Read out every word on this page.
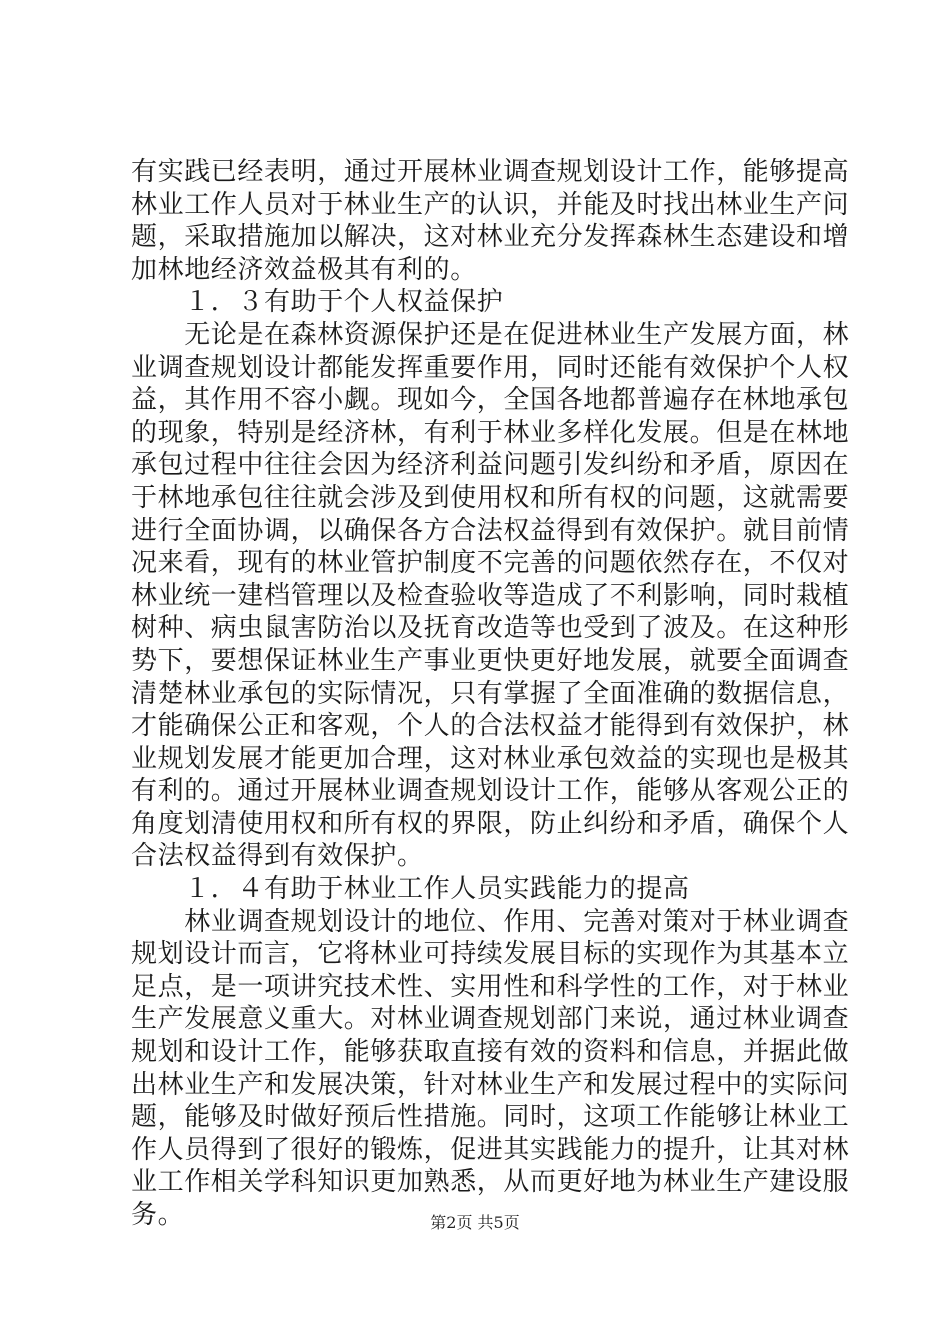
有实践已经表明，通过开展林业调查规划设计工作，能够提高
林业工作人员对于林业生产的认识，并能及时找出林业生产问
题，采取措施加以解决，这对林业充分发挥森林生态建设和增
加林地经济效益极其有利的。
　　１．３有助于个人权益保护
　　无论是在森林资源保护还是在促进林业生产发展方面，林
业调查规划设计都能发挥重要作用，同时还能有效保护个人权
益，其作用不容小觑。现如今，全国各地都普遍存在林地承包
的现象，特别是经济林，有利于林业多样化发展。但是在林地
承包过程中往往会因为经济利益问题引发纠纷和矛盾，原因在
于林地承包往往就会涉及到使用权和所有权的问题，这就需要
进行全面协调，以确保各方合法权益得到有效保护。就目前情
况来看，现有的林业管护制度不完善的问题依然存在，不仅对
林业统一建档管理以及检查验收等造成了不利影响，同时栽植
树种、病虫鼠害防治以及抚育改造等也受到了波及。在这种形
势下，要想保证林业生产事业更快更好地发展，就要全面调查
清楚林业承包的实际情况，只有掌握了全面准确的数据信息，
才能确保公正和客观，个人的合法权益才能得到有效保护，林
业规划发展才能更加合理，这对林业承包效益的实现也是极其
有利的。通过开展林业调查规划设计工作，能够从客观公正的
角度划清使用权和所有权的界限，防止纠纷和矛盾，确保个人
合法权益得到有效保护。
　　１．４有助于林业工作人员实践能力的提高
　　林业调查规划设计的地位、作用、完善对策对于林业调查
规划设计而言，它将林业可持续发展目标的实现作为其基本立
足点，是一项讲究技术性、实用性和科学性的工作，对于林业
生产发展意义重大。对林业调查规划部门来说，通过林业调查
规划和设计工作，能够获取直接有效的资料和信息，并据此做
出林业生产和发展决策，针对林业生产和发展过程中的实际问
题，能够及时做好预后性措施。同时，这项工作能够让林业工
作人员得到了很好的锻炼，促进其实践能力的提升，让其对林
业工作相关学科知识更加熟悉，从而更好地为林业生产建设服
务。	第2页 共5页
